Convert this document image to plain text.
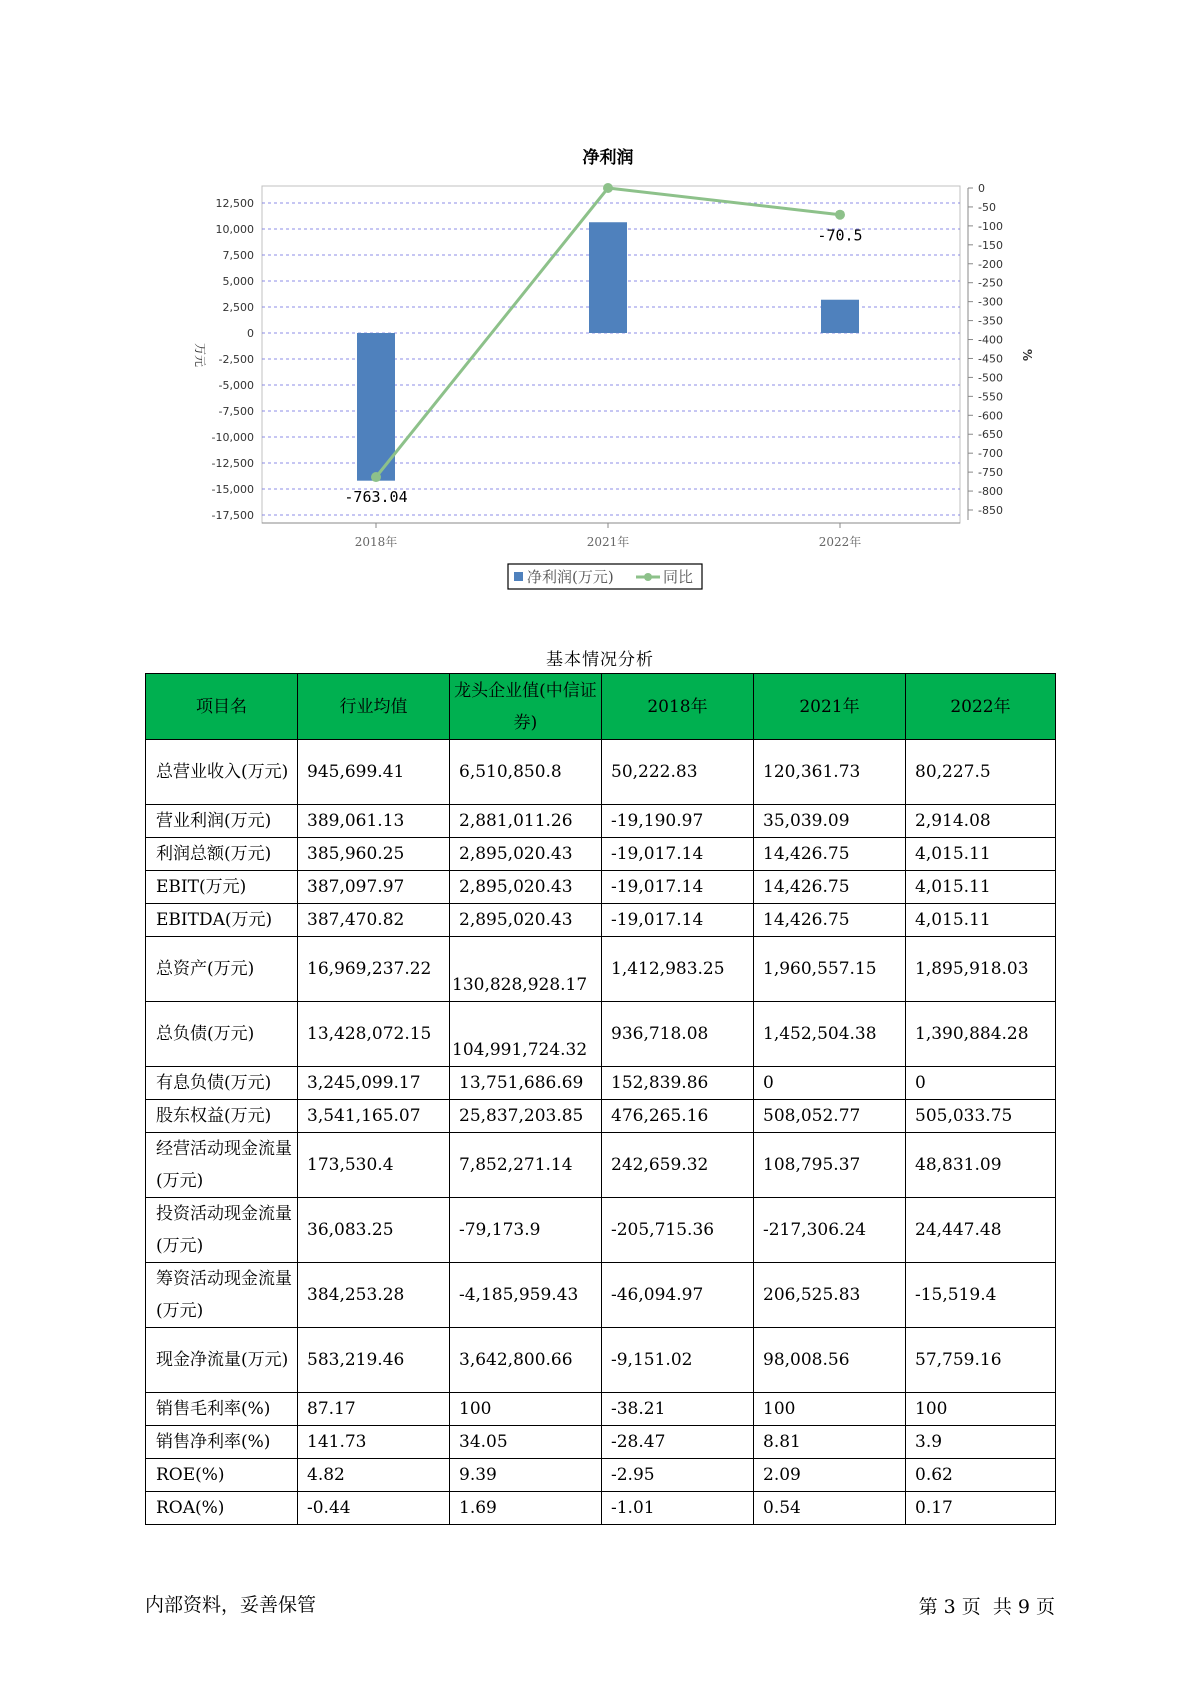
12,500
10,000
7,500
5,000
2,500
0
-2,500
-5,000
-7,500
-10,000
-12,500
-15,000
-17,500
0
-50
-100
-150
-200
-250
-300
-350
-400
-450
-500
-550
-600
-650
-700
-750
-800
-850
万元	%
净利润
-763.04
-70.5
2018年	2021年	2022年
净利润(万元)	同比
基本情况分析
项目名	行业均值	龙头企业值(中信证券)	2018年	2021年	2022年
总营业收入(万元)	945,699.41	6,510,850.8	50,222.83	120,361.73	80,227.5
营业利润(万元)	389,061.13	2,881,011.26	-19,190.97	35,039.09	2,914.08
利润总额(万元)	385,960.25	2,895,020.43	-19,017.14	14,426.75	4,015.11
EBIT(万元)	387,097.97	2,895,020.43	-19,017.14	14,426.75	4,015.11
EBITDA(万元)	387,470.82	2,895,020.43	-19,017.14	14,426.75	4,015.11
总资产(万元)	16,969,237.22	130,828,928.17	1,412,983.25	1,960,557.15	1,895,918.03
总负债(万元)	13,428,072.15	104,991,724.32	936,718.08	1,452,504.38	1,390,884.28
有息负债(万元)	3,245,099.17	13,751,686.69	152,839.86	0	0
股东权益(万元)	3,541,165.07	25,837,203.85	476,265.16	508,052.77	505,033.75
经营活动现金流量(万元)	173,530.4	7,852,271.14	242,659.32	108,795.37	48,831.09
投资活动现金流量(万元)	36,083.25	-79,173.9	-205,715.36	-217,306.24	24,447.48
筹资活动现金流量(万元)	384,253.28	-4,185,959.43	-46,094.97	206,525.83	-15,519.4
现金净流量(万元)	583,219.46	3,642,800.66	-9,151.02	98,008.56	57,759.16
销售毛利率(%)	87.17	100	-38.21	100	100
销售净利率(%)	141.73	34.05	-28.47	8.81	3.9
ROE(%)	4.82	9.39	-2.95	2.09	0.62
ROA(%)	-0.44	1.69	-1.01	0.54	0.17
内部资料，妥善保管	第 3 页  共 9 页
